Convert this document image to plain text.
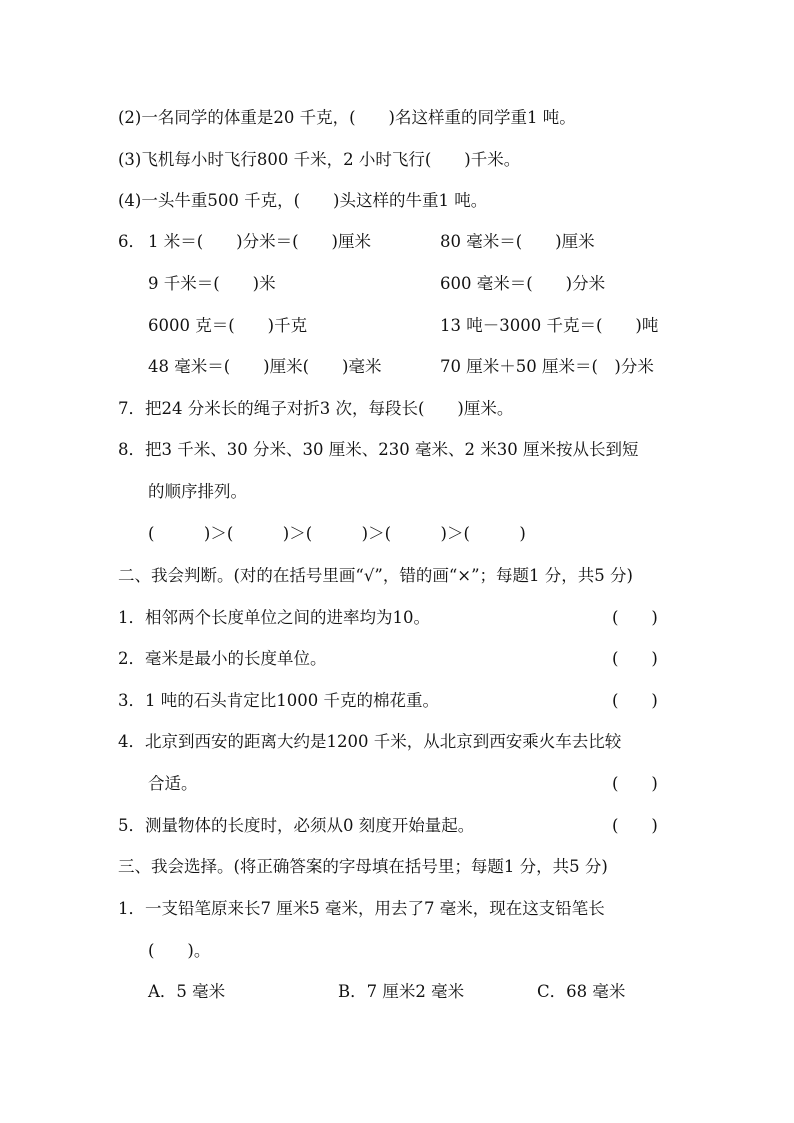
(2)一名同学的体重是20 千克，(　　)名这样重的同学重1 吨。
(3)飞机每小时飞行800 千米，2 小时飞行(　　)千米。
(4)一头牛重500 千克，(　　)头这样的牛重1 吨。
6． 1 米＝(　　)分米＝(　　)厘米	80 毫米＝(　　)厘米
9 千米＝(　　)米	600 毫米＝(　　)分米
6000 克＝(　　)千克	13 吨－3000 千克＝(　　)吨
48 毫米＝(　　)厘米(　　)毫米	70 厘米＋50 厘米＝(　)分米
7．把24 分米长的绳子对折3 次，每段长(　　)厘米。
8．把3 千米、30 分米、30 厘米、230 毫米、2 米30 厘米按从长到短
的顺序排列。
(　　　)＞(　　　)＞(　　　)＞(　　　)＞(　　　)
二、我会判断。(对的在括号里画“√”，错的画“×”；每题1 分，共5 分)
1．相邻两个长度单位之间的进率均为10。	(　　)
2．毫米是最小的长度单位。	(　　)
3．1 吨的石头肯定比1000 千克的棉花重。	(　　)
4．北京到西安的距离大约是1200 千米，从北京到西安乘火车去比较
合适。	(　　)
5．测量物体的长度时，必须从0 刻度开始量起。	(　　)
三、我会选择。(将正确答案的字母填在括号里；每题1 分，共5 分)
1．一支铅笔原来长7 厘米5 毫米，用去了7 毫米，现在这支铅笔长
(　　)。
A．5 毫米	B．7 厘米2 毫米	C．68 毫米
